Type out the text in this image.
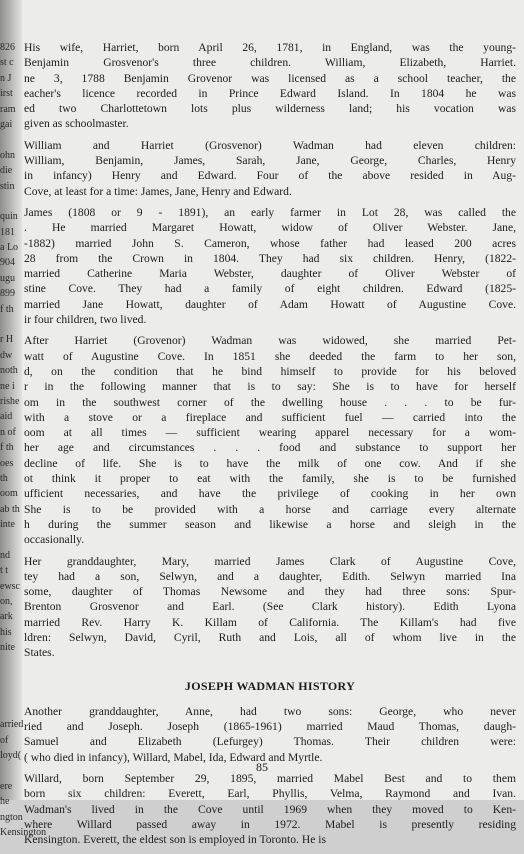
826
st c
n J
irst
ram
gai
ohn
die
stin
quin
181
a Lo
904
ugu
899
f th
r H
dw
noth
ne i
rishe
aid
n of
f th
oes
th
oom
ab th
inte
nd
t t
ewsc
on,
ark
his
nite
arried
of
loyd(
ere
he
ngton
Kensington
His wife, Harriet, born April 26, 1781, in England, was the young-
Benjamin Grosvenor's three children. William, Elizabeth, Harriet.
ne 3, 1788 Benjamin Grovenor was licensed as a school teacher, the
eacher's licence recorded in Prince Edward Island. In 1804 he was
ed two Charlottetown lots plus wilderness land; his vocation was
given as schoolmaster.
William and Harriet (Grosvenor) Wadman had eleven children:
William, Benjamin, James, Sarah, Jane, George, Charles, Henry
in infancy) Henry and Edward. Four of the above resided in Aug-
Cove, at least for a time: James, Jane, Henry and Edward.
James (1808 or 9 - 1891), an early farmer in Lot 28, was called the
. He married Margaret Howatt, widow of Oliver Webster. Jane,
-1882) married John S. Cameron, whose father had leased 200 acres
28 from the Crown in 1804. They had six children. Henry, (1822-
married Catherine Maria Webster, daughter of Oliver Webster of
stine Cove. They had a family of eight children. Edward (1825-
married Jane Howatt, daughter of Adam Howatt of Augustine Cove.
ir four children, two lived.
After Harriet (Grovenor) Wadman was widowed, she married Pet-
watt of Augustine Cove. In 1851 she deeded the farm to her son,
d, on the condition that he bind himself to provide for his beloved
r in the following manner that is to say: She is to have for herself
om in the southwest corner of the dwelling house . . . to be fur-
with a stove or a fireplace and sufficient fuel — carried into the
oom at all times — sufficient wearing apparel necessary for a wom-
her age and circumstances . . . food and substance to support her
decline of life. She is to have the milk of one cow. And if she
ot think it proper to eat with the family, she is to be furnished
ufficient necessaries, and have the privilege of cooking in her own
She is to be provided with a horse and carriage every alternate
h during the summer season and likewise a horse and sleigh in the
occasionally.
Her granddaughter, Mary, married James Clark of Augustine Cove,
tey had a son, Selwyn, and a daughter, Edith. Selwyn married Ina
some, daughter of Thomas Newsome and they had three sons: Spur-
Brenton Grosvenor and Earl. (See Clark history). Edith Lyona
married Rev. Harry K. Killam of California. The Killam's had five
ldren: Selwyn, David, Cyril, Ruth and Lois, all of whom live in the
States.
JOSEPH WADMAN HISTORY
Another granddaughter, Anne, had two sons: George, who never
ried and Joseph. Joseph (1865-1961) married Maud Thomas, daugh-
Samuel and Elizabeth (Lefurgey) Thomas. Their children were:
( who died in infancy), Willard, Mabel, Ida, Edward and Myrtle.
Willard, born September 29, 1895, married Mabel Best and to them
born six children: Everett, Earl, Phyllis, Velma, Raymond and Ivan.
Wadman's lived in the Cove until 1969 when they moved to Ken-
where Willard passed away in 1972. Mabel is presently residing
Kensington. Everett, the eldest son is employed in Toronto. He is
85
